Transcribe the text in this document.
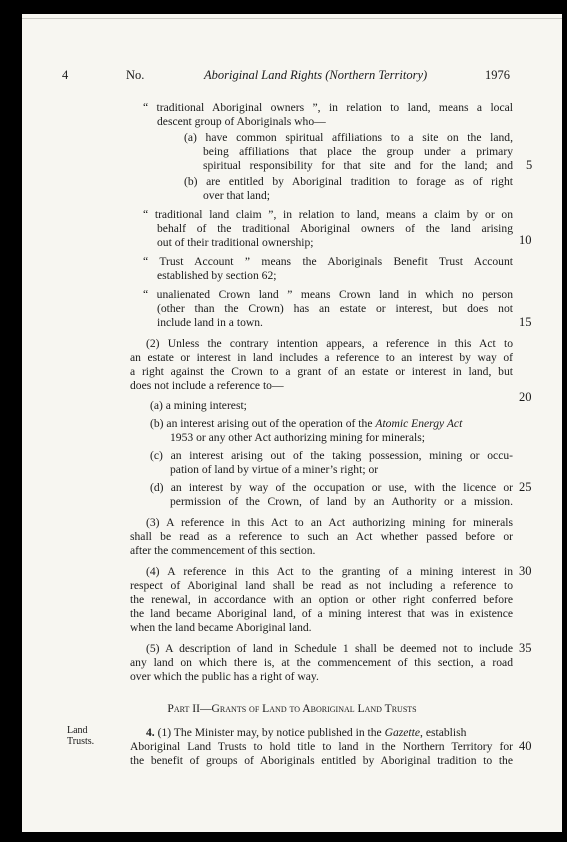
4	No.	Aboriginal Land Rights (Northern Territory)	1976
“ traditional Aboriginal owners ”, in relation to land, means a local
descent group of Aboriginals who—
(a) have common spiritual affiliations to a site on the land,
being affiliations that place the group under a primary
spiritual responsibility for that site and for the land; and
(b) are entitled by Aboriginal tradition to forage as of right
over that land;
“ traditional land claim ”, in relation to land, means a claim by or on
behalf of the traditional Aboriginal owners of the land arising
out of their traditional ownership;
“ Trust Account ” means the Aboriginals Benefit Trust Account
established by section 62;
“ unalienated Crown land ” means Crown land in which no person
(other than the Crown) has an estate or interest, but does not
include land in a town.
(2) Unless the contrary intention appears, a reference in this Act to
an estate or interest in land includes a reference to an interest by way of
a right against the Crown to a grant of an estate or interest in land, but
does not include a reference to—
(a) a mining interest;
(b) an interest arising out of the operation of the Atomic Energy Act
1953 or any other Act authorizing mining for minerals;
(c) an interest arising out of the taking possession, mining or occu-
pation of land by virtue of a miner’s right; or
(d) an interest by way of the occupation or use, with the licence or
permission of the Crown, of land by an Authority or a mission.
(3) A reference in this Act to an Act authorizing mining for minerals
shall be read as a reference to such an Act whether passed before or
after the commencement of this section.
(4) A reference in this Act to the granting of a mining interest in
respect of Aboriginal land shall be read as not including a reference to
the renewal, in accordance with an option or other right conferred before
the land became Aboriginal land, of a mining interest that was in existence
when the land became Aboriginal land.
(5) A description of land in Schedule 1 shall be deemed not to include
any land on which there is, at the commencement of this section, a road
over which the public has a right of way.
Part II—Grants of Land to Aboriginal Land Trusts
Land
Trusts.
4. (1) The Minister may, by notice published in the Gazette, establish
Aboriginal Land Trusts to hold title to land in the Northern Territory for
the benefit of groups of Aboriginals entitled by Aboriginal tradition to the
5
10
15
20
25
30
35
40
